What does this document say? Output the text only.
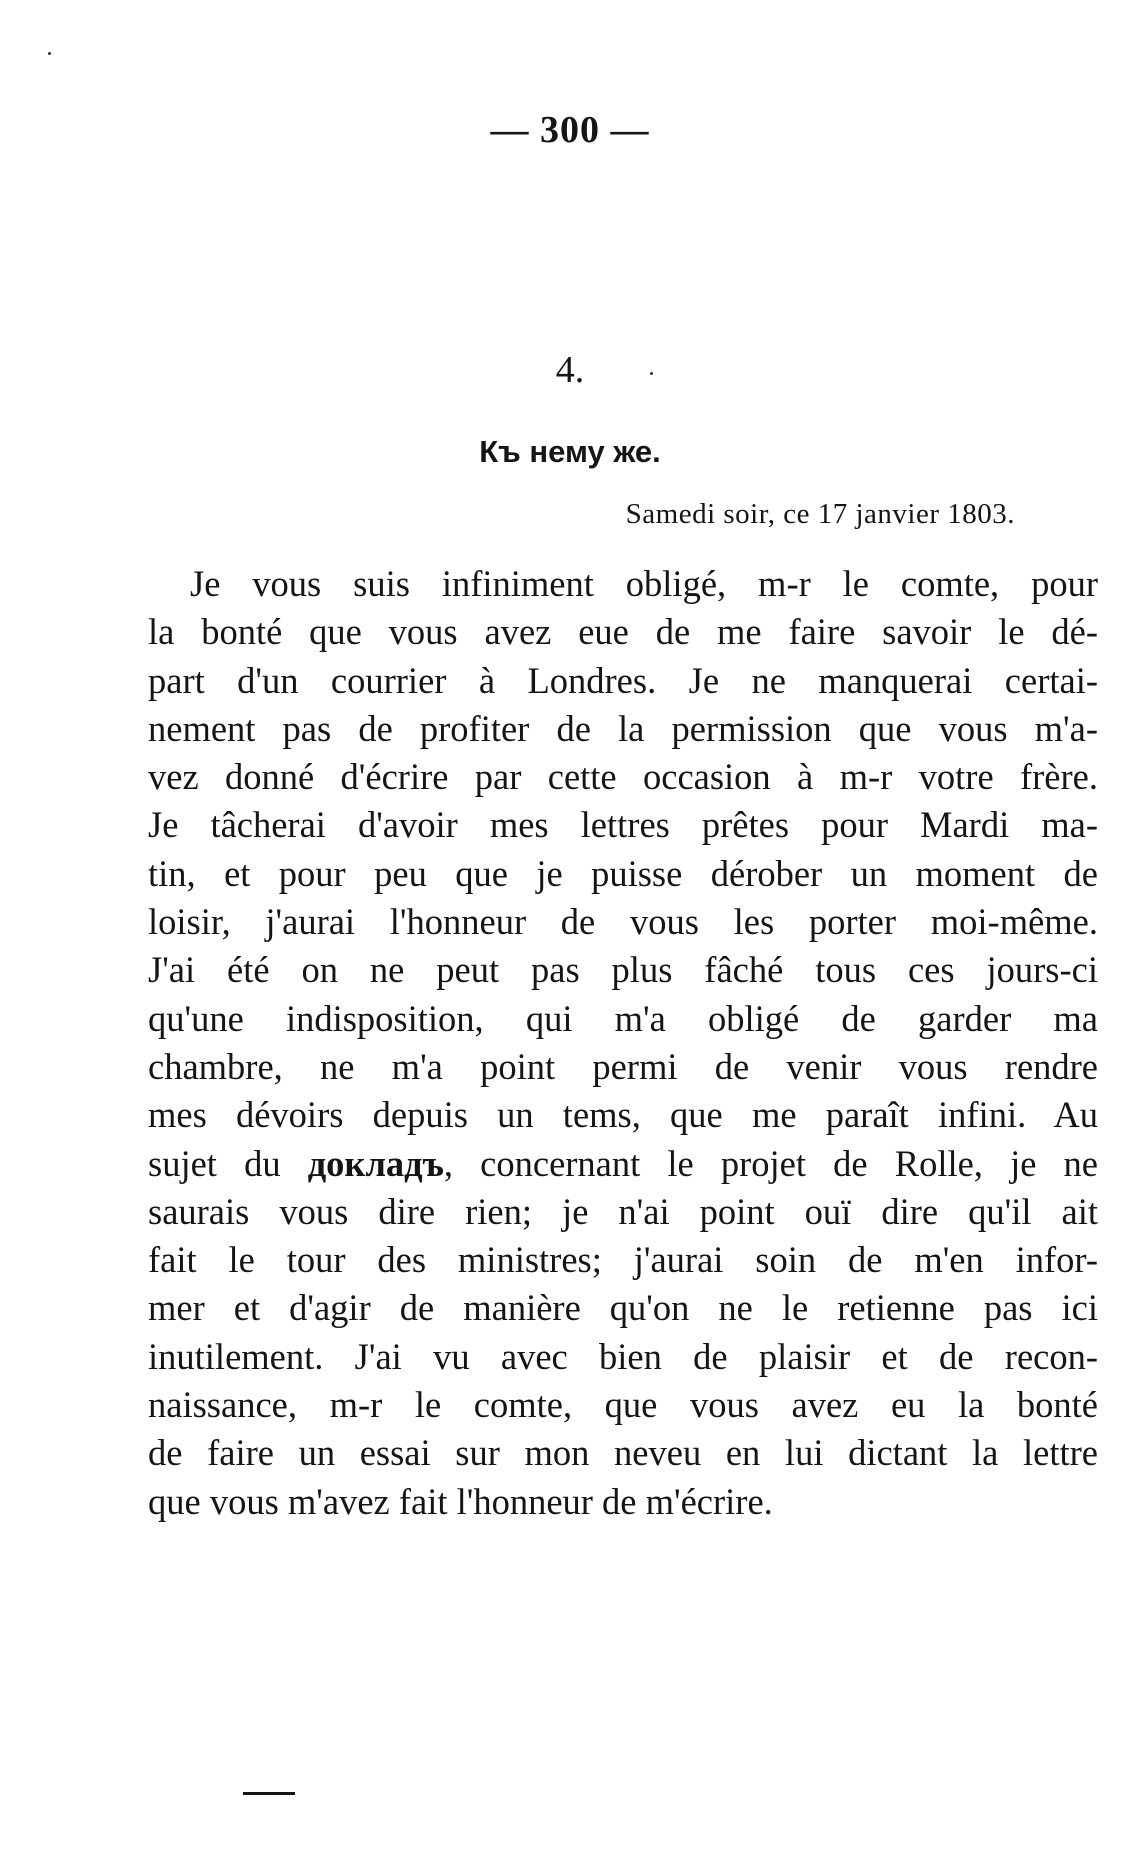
— 300 —
4.
Къ нему же.
Samedi soir, ce 17 janvier 1803.
Je vous suis infiniment obligé, m-r le comte, pour
la bonté que vous avez eue de me faire savoir le dé-
part d'un courrier à Londres. Je ne manquerai certai-
nement pas de profiter de la permission que vous m'a-
vez donné d'écrire par cette occasion à m-r votre frère.
Je tâcherai d'avoir mes lettres prêtes pour Mardi ma-
tin, et pour peu que je puisse dérober un moment de
loisir, j'aurai l'honneur de vous les porter moi-même.
J'ai été on ne peut pas plus fâché tous ces jours-ci
qu'une indisposition, qui m'a obligé de garder ma
chambre, ne m'a point permi de venir vous rendre
mes dévoirs depuis un tems, que me paraît infini. Au
sujet du докладъ, concernant le projet de Rolle, je ne
saurais vous dire rien; je n'ai point ouï dire qu'il ait
fait le tour des ministres; j'aurai soin de m'en infor-
mer et d'agir de manière qu'on ne le retienne pas ici
inutilement. J'ai vu avec bien de plaisir et de recon-
naissance, m-r le comte, que vous avez eu la bonté
de faire un essai sur mon neveu en lui dictant la lettre
que vous m'avez fait l'honneur de m'écrire.
